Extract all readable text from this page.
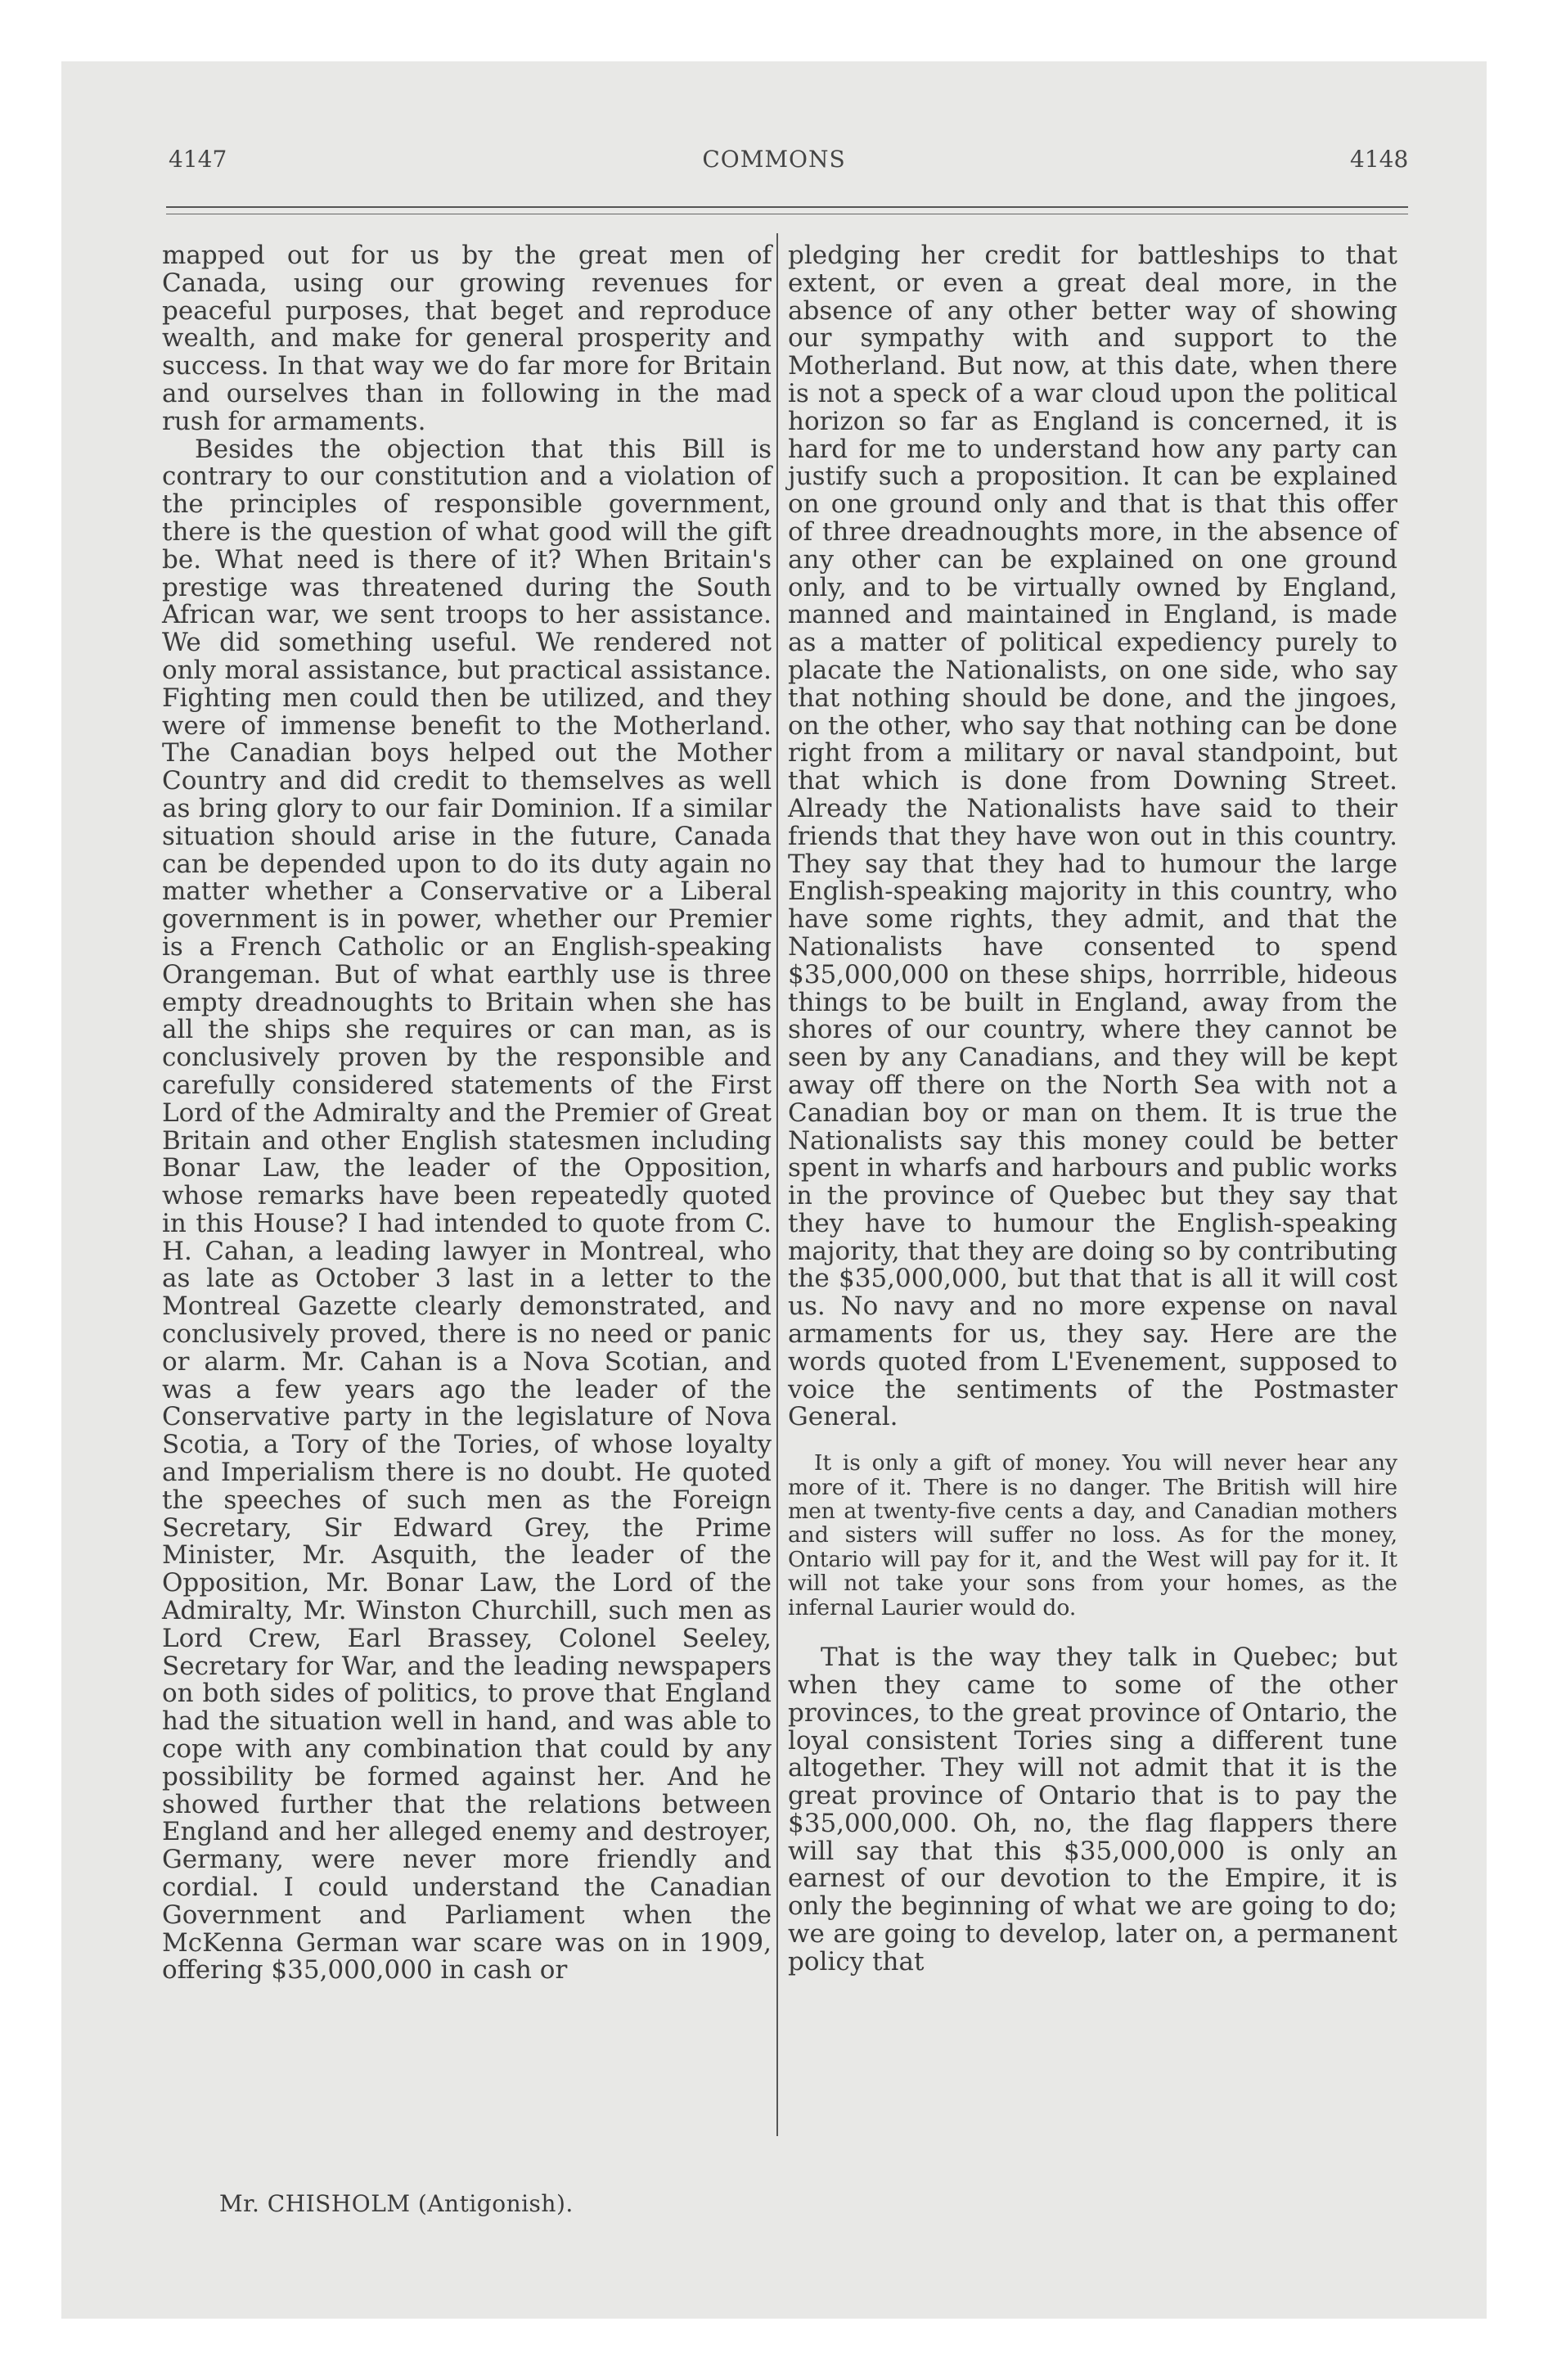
4147	COMMONS	4148

mapped out for us by the great men of Canada, using our growing revenues for peaceful purposes, that beget and reproduce wealth, and make for general prosperity and success. In that way we do far more for Britain and ourselves than in following in the mad rush for armaments.

Besides the objection that this Bill is contrary to our constitution and a violation of the principles of responsible government, there is the question of what good will the gift be. What need is there of it? When Britain's prestige was threatened during the South African war, we sent troops to her assistance. We did something useful. We rendered not only moral assistance, but practical assistance. Fighting men could then be utilized, and they were of immense benefit to the Motherland. The Canadian boys helped out the Mother Country and did credit to themselves as well as bring glory to our fair Dominion. If a similar situation should arise in the future, Canada can be depended upon to do its duty again no matter whether a Conservative or a Liberal government is in power, whether our Premier is a French Catholic or an English-speaking Orangeman. But of what earthly use is three empty dreadnoughts to Britain when she has all the ships she requires or can man, as is conclusively proven by the responsible and carefully considered statements of the First Lord of the Admiralty and the Premier of Great Britain and other English statesmen including Bonar Law, the leader of the Opposition, whose remarks have been repeatedly quoted in this House? I had intended to quote from C. H. Cahan, a leading lawyer in Montreal, who as late as October 3 last in a letter to the Montreal Gazette clearly demonstrated, and conclusively proved, there is no need or panic or alarm. Mr. Cahan is a Nova Scotian, and was a few years ago the leader of the Conservative party in the legislature of Nova Scotia, a Tory of the Tories, of whose loyalty and Imperialism there is no doubt. He quoted the speeches of such men as the Foreign Secretary, Sir Edward Grey, the Prime Minister, Mr. Asquith, the leader of the Opposition, Mr. Bonar Law, the Lord of the Admiralty, Mr. Winston Churchill, such men as Lord Crew, Earl Brassey, Colonel Seeley, Secretary for War, and the leading newspapers on both sides of politics, to prove that England had the situation well in hand, and was able to cope with any combination that could by any possibility be formed against her. And he showed further that the relations between England and her alleged enemy and destroyer, Germany, were never more friendly and cordial. I could understand the Canadian Government and Parliament when the McKenna German war scare was on in 1909, offering $35,000,000 in cash or

Mr. CHISHOLM (Antigonish).

pledging her credit for battleships to that extent, or even a great deal more, in the absence of any other better way of showing our sympathy with and support to the Motherland. But now, at this date, when there is not a speck of a war cloud upon the political horizon so far as England is concerned, it is hard for me to understand how any party can justify such a proposition. It can be explained on one ground only and that is that this offer of three dreadnoughts more, in the absence of any other can be explained on one ground only, and to be virtually owned by England, manned and maintained in England, is made as a matter of political expediency purely to placate the Nationalists, on one side, who say that nothing should be done, and the jingoes, on the other, who say that nothing can be done right from a military or naval standpoint, but that which is done from Downing Street. Already the Nationalists have said to their friends that they have won out in this country. They say that they had to humour the large English-speaking majority in this country, who have some rights, they admit, and that the Nationalists have consented to spend $35,000,000 on these ships, horrrible, hideous things to be built in England, away from the shores of our country, where they cannot be seen by any Canadians, and they will be kept away off there on the North Sea with not a Canadian boy or man on them. It is true the Nationalists say this money could be better spent in wharfs and harbours and public works in the province of Quebec but they say that they have to humour the English-speaking majority, that they are doing so by contributing the $35,000,000, but that that is all it will cost us. No navy and no more expense on naval armaments for us, they say. Here are the words quoted from L'Evenement, supposed to voice the sentiments of the Postmaster General.

It is only a gift of money. You will never hear any more of it. There is no danger. The British will hire men at twenty-five cents a day, and Canadian mothers and sisters will suffer no loss. As for the money, Ontario will pay for it, and the West will pay for it. It will not take your sons from your homes, as the infernal Laurier would do.

That is the way they talk in Quebec; but when they came to some of the other provinces, to the great province of Ontario, the loyal consistent Tories sing a different tune altogether. They will not admit that it is the great province of Ontario that is to pay the $35,000,000. Oh, no, the flag flappers there will say that this $35,000,000 is only an earnest of our devotion to the Empire, it is only the beginning of what we are going to do; we are going to develop, later on, a permanent policy that
